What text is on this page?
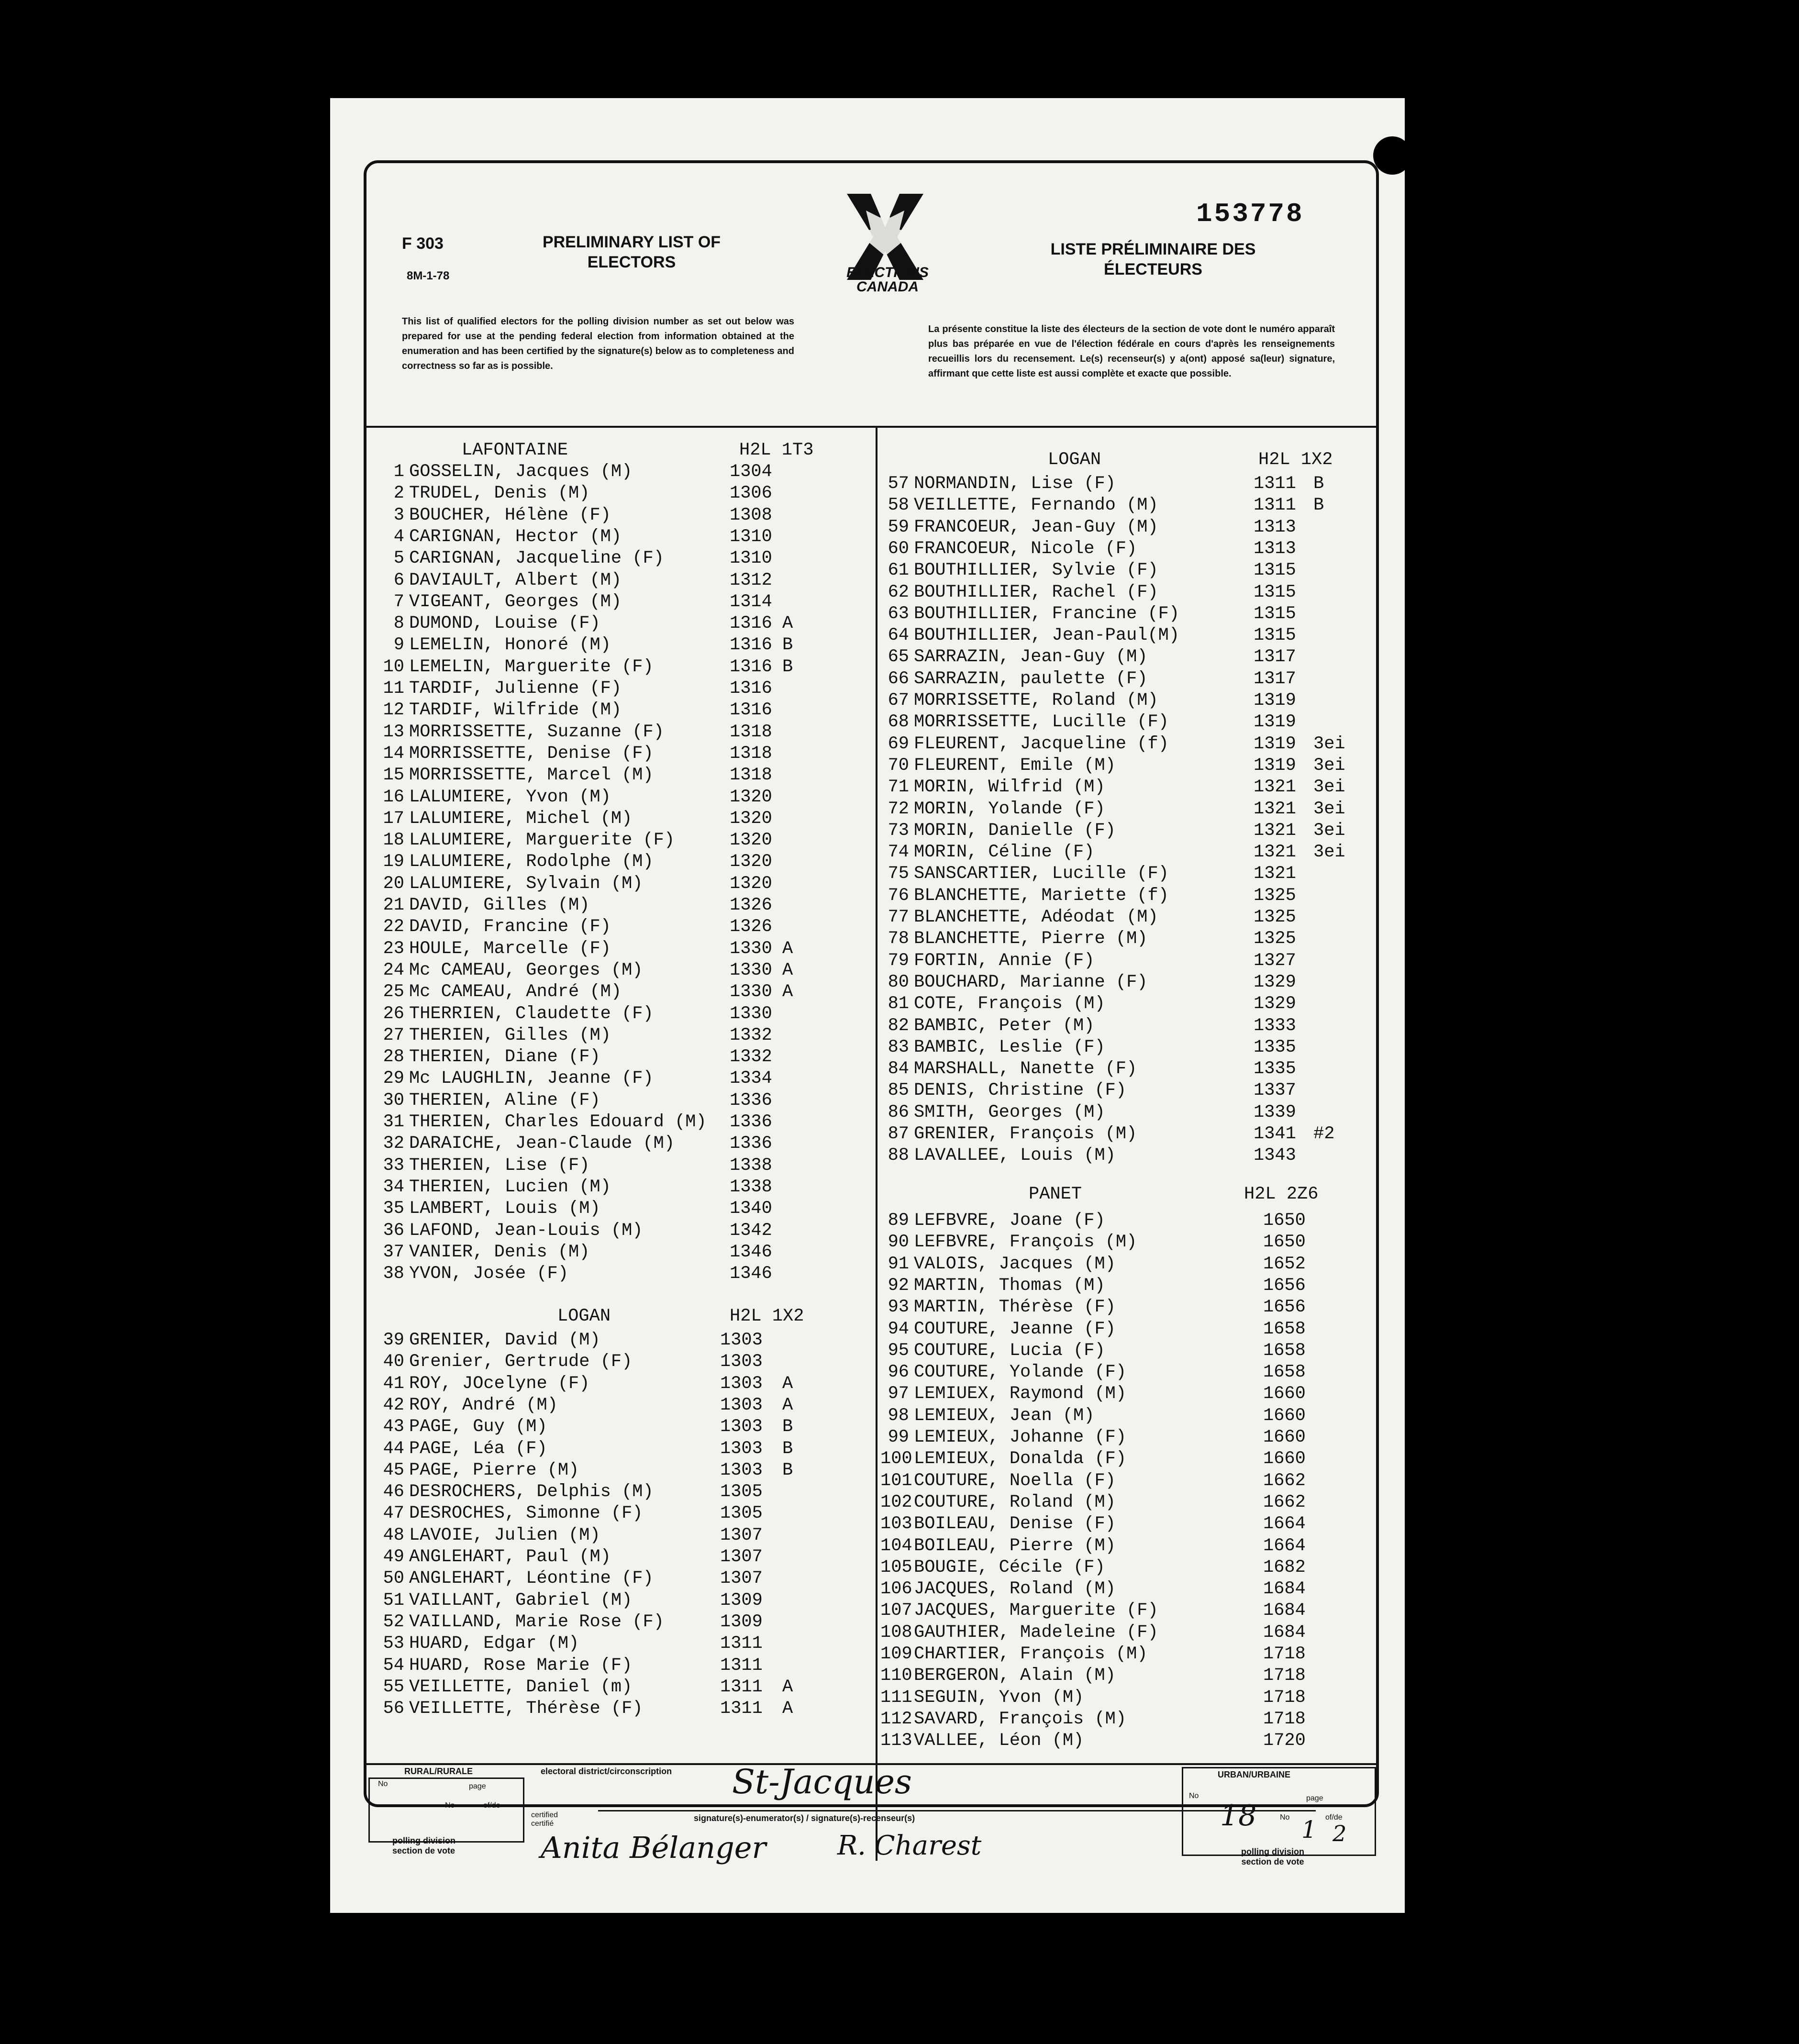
F 303
8M-1-78
PRELIMINARY LIST OF ELECTORS
ELECTIONS CANADA
153778
LISTE PRÉLIMINAIRE DES ÉLECTEURS
This list of qualified electors for the polling division number as set out below was prepared for use at the pending federal election from information obtained at the enumeration and has been certified by the signature(s) below as to completeness and correctness so far as is possible.
La présente constitue la liste des électeurs de la section de vote dont le numéro apparaît plus bas préparée en vue de l'élection fédérale en cours d'après les renseignements recueillis lors du recensement. Le(s) recenseur(s) y a(ont) apposé sa(leur) signature, affirmant que cette liste est aussi complète et exacte que possible.
LAFONTAINE	H2L 1T3
1 GOSSELIN, Jacques (M)	1304
2 TRUDEL, Denis (M)	1306
3 BOUCHER, Hélène (F)	1308
4 CARIGNAN, Hector (M)	1310
5 CARIGNAN, Jacqueline (F)	1310
6 DAVIAULT, Albert (M)	1312
7 VIGEANT, Georges (M)	1314
8 DUMOND, Louise (F)	1316 A
9 LEMELIN, Honoré (M)	1316 B
10 LEMELIN, Marguerite (F)	1316 B
11 TARDIF, Julienne (F)	1316
12 TARDIF, Wilfride (M)	1316
13 MORRISSETTE, Suzanne (F)	1318
14 MORRISSETTE, Denise (F)	1318
15 MORRISSETTE, Marcel (M)	1318
16 LALUMIERE, Yvon (M)	1320
17 LALUMIERE, Michel (M)	1320
18 LALUMIERE, Marguerite (F)	1320
19 LALUMIERE, Rodolphe (M)	1320
20 LALUMIERE, Sylvain (M)	1320
21 DAVID, Gilles (M)	1326
22 DAVID, Francine (F)	1326
23 HOULE, Marcelle (F)	1330 A
24 Mc CAMEAU, Georges (M)	1330 A
25 Mc CAMEAU, André (M)	1330 A
26 THERRIEN, Claudette (F)	1330
27 THERIEN, Gilles (M)	1332
28 THERIEN, Diane (F)	1332
29 Mc LAUGHLIN, Jeanne (F)	1334
30 THERIEN, Aline (F)	1336
31 THERIEN, Charles Edouard (M) 1336
32 DARAICHE, Jean-Claude (M)	1336
33 THERIEN, Lise (F)	1338
34 THERIEN, Lucien (M)	1338
35 LAMBERT, Louis (M)	1340
36 LAFOND, Jean-Louis (M)	1342
37 VANIER, Denis (M)	1346
38 YVON, Josée (F)	1346
LOGAN	H2L 1X2
39 GRENIER, David (M)	1303
40 Grenier, Gertrude (F)	1303
41 ROY, JOcelyne (F)	1303 A
42 ROY, André (M)	1303 A
43 PAGE, Guy (M)	1303 B
44 PAGE, Léa (F)	1303 B
45 PAGE, Pierre (M)	1303 B
46 DESROCHERS, Delphis (M)	1305
47 DESROCHES, Simonne (F)	1305
48 LAVOIE, Julien (M)	1307
49 ANGLEHART, Paul (M)	1307
50 ANGLEHART, Léontine (F)	1307
51 VAILLANT, Gabriel (M)	1309
52 VAILLAND, Marie Rose (F)	1309
53 HUARD, Edgar (M)	1311
54 HUARD, Rose Marie (F)	1311
55 VEILLETTE, Daniel (m)	1311 A
56 VEILLETTE, Thérèse (F)	1311 A
LOGAN	H2L 1X2
57 NORMANDIN, Lise (F)	1311 B
58 VEILLETTE, Fernando (M)	1311 B
59 FRANCOEUR, Jean-Guy (M)	1313
60 FRANCOEUR, Nicole (F)	1313
61 BOUTHILLIER, Sylvie (F)	1315
62 BOUTHILLIER, Rachel (F)	1315
63 BOUTHILLIER, Francine (F)	1315
64 BOUTHILLIER, Jean-Paul(M)	1315
65 SARRAZIN, Jean-Guy (M)	1317
66 SARRAZIN, paulette (F)	1317
67 MORRISSETTE, Roland (M)	1319
68 MORRISSETTE, Lucille (F)	1319
69 FLEURENT, Jacqueline (f)	1319 3ei
70 FLEURENT, Emile (M)	1319 3ei
71 MORIN, Wilfrid (M)	1321 3ei
72 MORIN, Yolande (F)	1321 3ei
73 MORIN, Danielle (F)	1321 3ei
74 MORIN, Céline (F)	1321 3ei
75 SANSCARTIER, Lucille (F)	1321
76 BLANCHETTE, Mariette (f)	1325
77 BLANCHETTE, Adéodat (M)	1325
78 BLANCHETTE, Pierre (M)	1325
79 FORTIN, Annie (F)	1327
80 BOUCHARD, Marianne (F)	1329
81 COTE, François (M)	1329
82 BAMBIC, Peter (M)	1333
83 BAMBIC, Leslie (F)	1335
84 MARSHALL, Nanette (F)	1335
85 DENIS, Christine (F)	1337
86 SMITH, Georges (M)	1339
87 GRENIER, François (M)	1341 #2
88 LAVALLEE, Louis (M)	1343
PANET	H2L 2Z6
89 LEFBVRE, Joane (F)	1650
90 LEFBVRE, François (M)	1650
91 VALOIS, Jacques (M)	1652
92 MARTIN, Thomas (M)	1656
93 MARTIN, Thérèse (F)	1656
94 COUTURE, Jeanne (F)	1658
95 COUTURE, Lucia (F)	1658
96 COUTURE, Yolande (F)	1658
97 LEMIUEX, Raymond (M)	1660
98 LEMIEUX, Jean (M)	1660
99 LEMIEUX, Johanne (F)	1660
100 LEMIEUX, Donalda (F)	1660
101 COUTURE, Noella (F)	1662
102 COUTURE, Roland (M)	1662
103 BOILEAU, Denise (F)	1664
104 BOILEAU, Pierre (M)	1664
105 BOUGIE, Cécile (F)	1682
106 JACQUES, Roland (M)	1684
107 JACQUES, Marguerite (F)	1684
108 GAUTHIER, Madeleine (F)	1684
109 CHARTIER, François (M)	1718
110 BERGERON, Alain (M)	1718
111 SEGUIN, Yvon (M)	1718
112 SAVARD, François (M)	1718
113 VALLEE, Léon (M)	1720
RURAL/RURALE	electoral district/circonscription
No	page
No	of/de
polling division section de vote
certified certifié
St-Jacques
signature(s)-enumerator(s) / signature(s)-recenseur(s)
Anita Bélanger	R. Charest
URBAN/URBAINE
No	page
No	of/de
18 1 2
polling division section de vote
